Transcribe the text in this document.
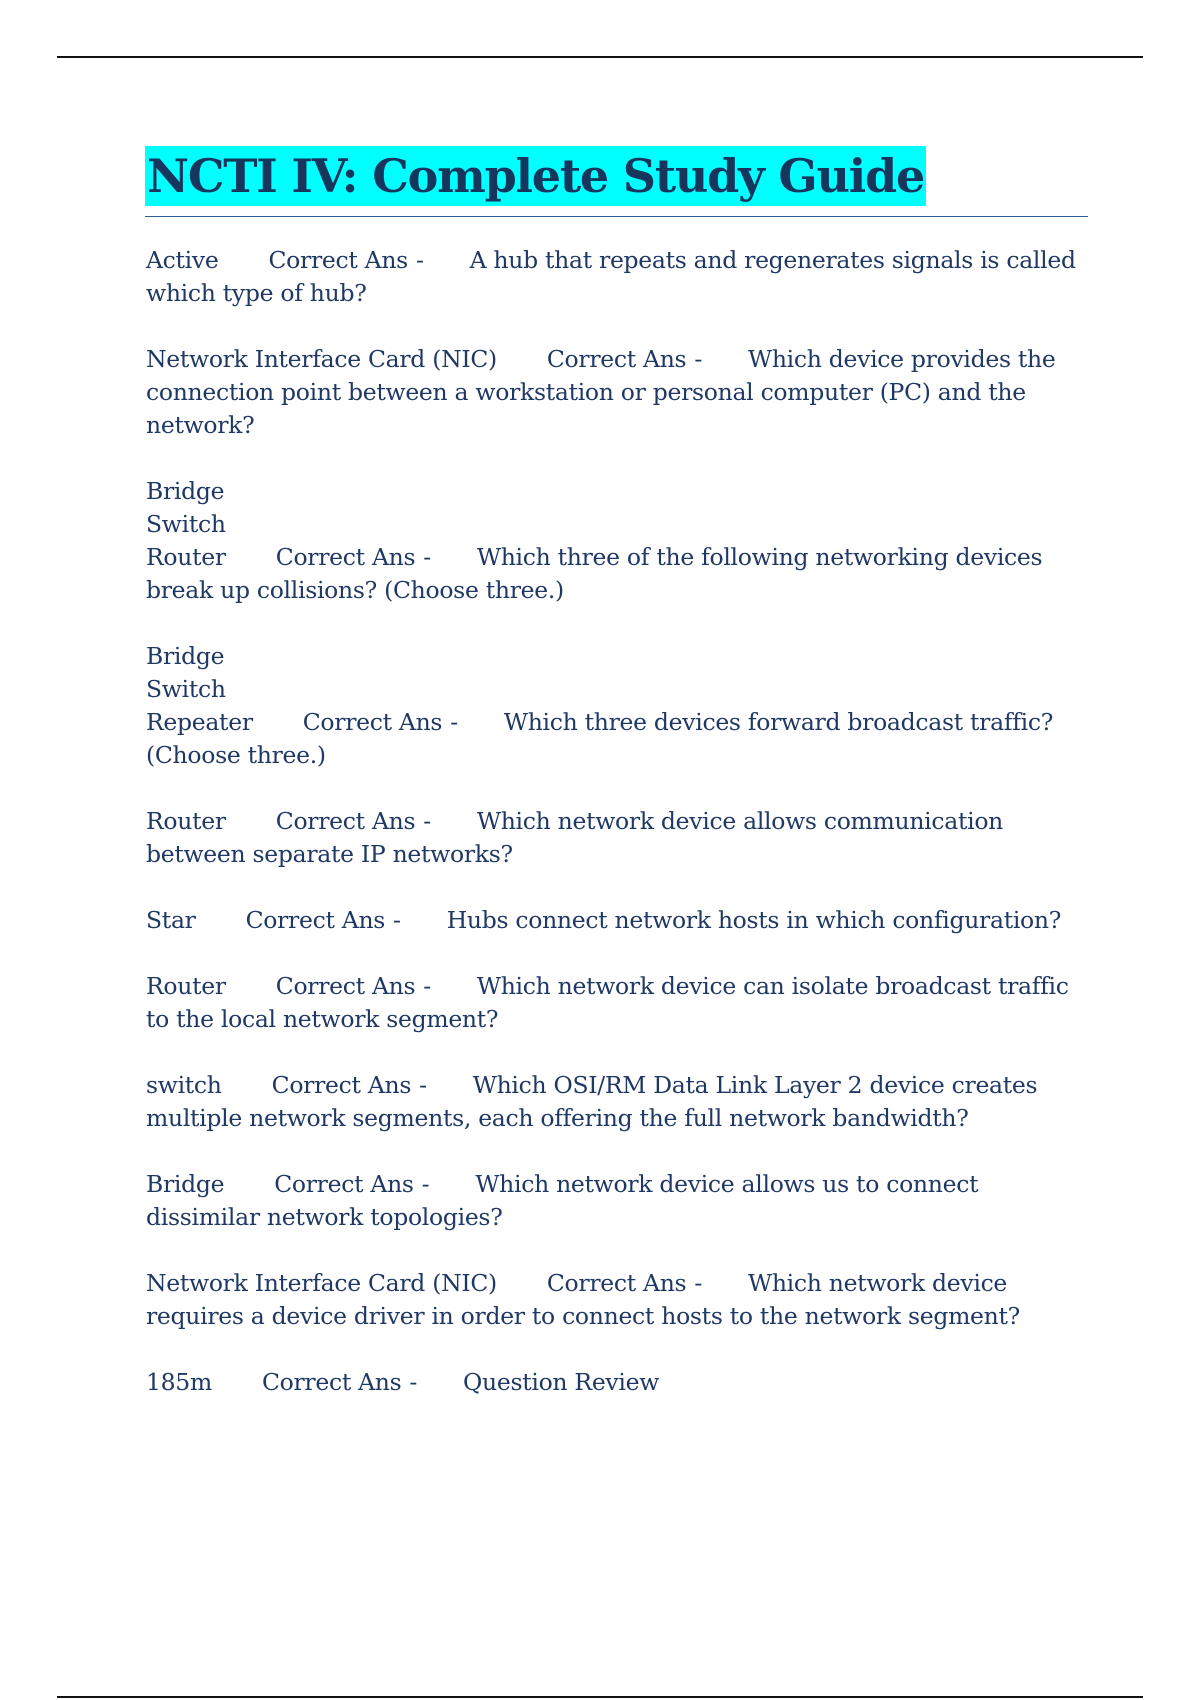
NCTI IV: Complete Study Guide
Active Correct Ans - A hub that repeats and regenerates signals is called which type of hub?
Network Interface Card (NIC) Correct Ans - Which device provides the connection point between a workstation or personal computer (PC) and the network?
Bridge
Switch
Router Correct Ans - Which three of the following networking devices break up collisions? (Choose three.)
Bridge
Switch
Repeater Correct Ans - Which three devices forward broadcast traffic? (Choose three.)
Router Correct Ans - Which network device allows communication between separate IP networks?
Star Correct Ans - Hubs connect network hosts in which configuration?
Router Correct Ans - Which network device can isolate broadcast traffic to the local network segment?
switch Correct Ans - Which OSI/RM Data Link Layer 2 device creates multiple network segments, each offering the full network bandwidth?
Bridge Correct Ans - Which network device allows us to connect dissimilar network topologies?
Network Interface Card (NIC) Correct Ans - Which network device requires a device driver in order to connect hosts to the network segment?
185m Correct Ans - Question Review
